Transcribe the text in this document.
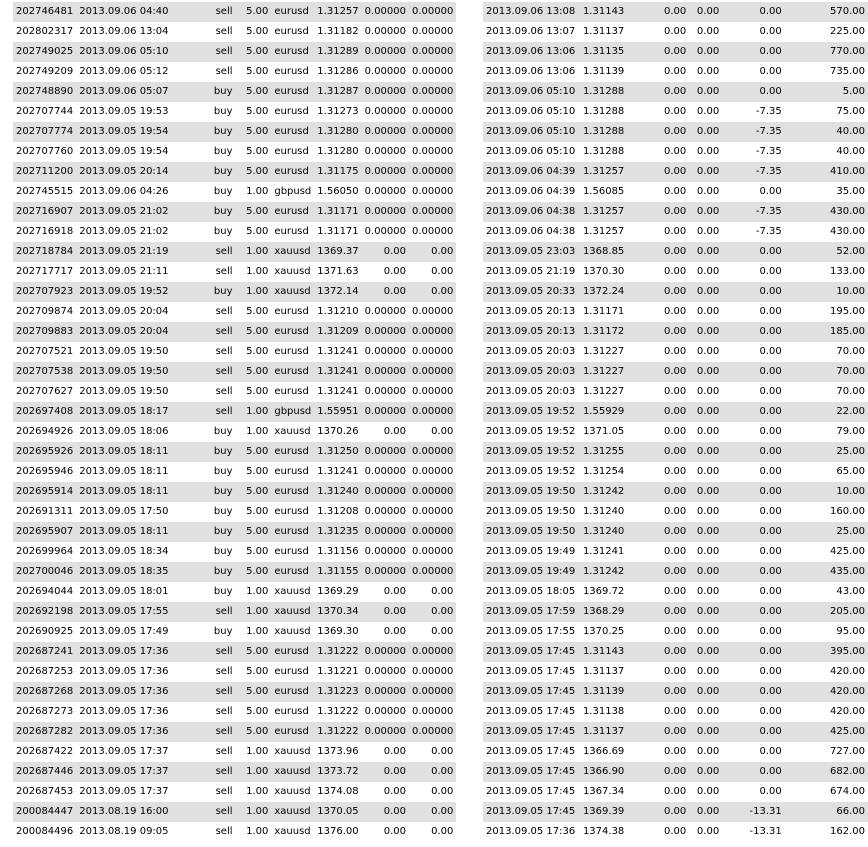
202746481	2013.09.06 04:40	sell	5.00	eurusd	1.31257	0.00000	0.00000		2013.09.06 13:08	1.31143	0.00	0.00	0.00	570.00
202802317	2013.09.06 13:04	sell	5.00	eurusd	1.31182	0.00000	0.00000		2013.09.06 13:07	1.31137	0.00	0.00	0.00	225.00
202749025	2013.09.06 05:10	sell	5.00	eurusd	1.31289	0.00000	0.00000		2013.09.06 13:06	1.31135	0.00	0.00	0.00	770.00
202749209	2013.09.06 05:12	sell	5.00	eurusd	1.31286	0.00000	0.00000		2013.09.06 13:06	1.31139	0.00	0.00	0.00	735.00
202748890	2013.09.06 05:07	buy	5.00	eurusd	1.31287	0.00000	0.00000		2013.09.06 05:10	1.31288	0.00	0.00	0.00	5.00
202707744	2013.09.05 19:53	buy	5.00	eurusd	1.31273	0.00000	0.00000		2013.09.06 05:10	1.31288	0.00	0.00	-7.35	75.00
202707774	2013.09.05 19:54	buy	5.00	eurusd	1.31280	0.00000	0.00000		2013.09.06 05:10	1.31288	0.00	0.00	-7.35	40.00
202707760	2013.09.05 19:54	buy	5.00	eurusd	1.31280	0.00000	0.00000		2013.09.06 05:10	1.31288	0.00	0.00	-7.35	40.00
202711200	2013.09.05 20:14	buy	5.00	eurusd	1.31175	0.00000	0.00000		2013.09.06 04:39	1.31257	0.00	0.00	-7.35	410.00
202745515	2013.09.06 04:26	buy	1.00	gbpusd	1.56050	0.00000	0.00000		2013.09.06 04:39	1.56085	0.00	0.00	0.00	35.00
202716907	2013.09.05 21:02	buy	5.00	eurusd	1.31171	0.00000	0.00000		2013.09.06 04:38	1.31257	0.00	0.00	-7.35	430.00
202716918	2013.09.05 21:02	buy	5.00	eurusd	1.31171	0.00000	0.00000		2013.09.06 04:38	1.31257	0.00	0.00	-7.35	430.00
202718784	2013.09.05 21:19	sell	1.00	xauusd	1369.37	0.00	0.00		2013.09.05 23:03	1368.85	0.00	0.00	0.00	52.00
202717717	2013.09.05 21:11	sell	1.00	xauusd	1371.63	0.00	0.00		2013.09.05 21:19	1370.30	0.00	0.00	0.00	133.00
202707923	2013.09.05 19:52	buy	1.00	xauusd	1372.14	0.00	0.00		2013.09.05 20:33	1372.24	0.00	0.00	0.00	10.00
202709874	2013.09.05 20:04	sell	5.00	eurusd	1.31210	0.00000	0.00000		2013.09.05 20:13	1.31171	0.00	0.00	0.00	195.00
202709883	2013.09.05 20:04	sell	5.00	eurusd	1.31209	0.00000	0.00000		2013.09.05 20:13	1.31172	0.00	0.00	0.00	185.00
202707521	2013.09.05 19:50	sell	5.00	eurusd	1.31241	0.00000	0.00000		2013.09.05 20:03	1.31227	0.00	0.00	0.00	70.00
202707538	2013.09.05 19:50	sell	5.00	eurusd	1.31241	0.00000	0.00000		2013.09.05 20:03	1.31227	0.00	0.00	0.00	70.00
202707627	2013.09.05 19:50	sell	5.00	eurusd	1.31241	0.00000	0.00000		2013.09.05 20:03	1.31227	0.00	0.00	0.00	70.00
202697408	2013.09.05 18:17	sell	1.00	gbpusd	1.55951	0.00000	0.00000		2013.09.05 19:52	1.55929	0.00	0.00	0.00	22.00
202694926	2013.09.05 18:06	buy	1.00	xauusd	1370.26	0.00	0.00		2013.09.05 19:52	1371.05	0.00	0.00	0.00	79.00
202695926	2013.09.05 18:11	buy	5.00	eurusd	1.31250	0.00000	0.00000		2013.09.05 19:52	1.31255	0.00	0.00	0.00	25.00
202695946	2013.09.05 18:11	buy	5.00	eurusd	1.31241	0.00000	0.00000		2013.09.05 19:52	1.31254	0.00	0.00	0.00	65.00
202695914	2013.09.05 18:11	buy	5.00	eurusd	1.31240	0.00000	0.00000		2013.09.05 19:50	1.31242	0.00	0.00	0.00	10.00
202691311	2013.09.05 17:50	buy	5.00	eurusd	1.31208	0.00000	0.00000		2013.09.05 19:50	1.31240	0.00	0.00	0.00	160.00
202695907	2013.09.05 18:11	buy	5.00	eurusd	1.31235	0.00000	0.00000		2013.09.05 19:50	1.31240	0.00	0.00	0.00	25.00
202699964	2013.09.05 18:34	buy	5.00	eurusd	1.31156	0.00000	0.00000		2013.09.05 19:49	1.31241	0.00	0.00	0.00	425.00
202700046	2013.09.05 18:35	buy	5.00	eurusd	1.31155	0.00000	0.00000		2013.09.05 19:49	1.31242	0.00	0.00	0.00	435.00
202694044	2013.09.05 18:01	buy	1.00	xauusd	1369.29	0.00	0.00		2013.09.05 18:05	1369.72	0.00	0.00	0.00	43.00
202692198	2013.09.05 17:55	sell	1.00	xauusd	1370.34	0.00	0.00		2013.09.05 17:59	1368.29	0.00	0.00	0.00	205.00
202690925	2013.09.05 17:49	buy	1.00	xauusd	1369.30	0.00	0.00		2013.09.05 17:55	1370.25	0.00	0.00	0.00	95.00
202687241	2013.09.05 17:36	sell	5.00	eurusd	1.31222	0.00000	0.00000		2013.09.05 17:45	1.31143	0.00	0.00	0.00	395.00
202687253	2013.09.05 17:36	sell	5.00	eurusd	1.31221	0.00000	0.00000		2013.09.05 17:45	1.31137	0.00	0.00	0.00	420.00
202687268	2013.09.05 17:36	sell	5.00	eurusd	1.31223	0.00000	0.00000		2013.09.05 17:45	1.31139	0.00	0.00	0.00	420.00
202687273	2013.09.05 17:36	sell	5.00	eurusd	1.31222	0.00000	0.00000		2013.09.05 17:45	1.31138	0.00	0.00	0.00	420.00
202687282	2013.09.05 17:36	sell	5.00	eurusd	1.31222	0.00000	0.00000		2013.09.05 17:45	1.31137	0.00	0.00	0.00	425.00
202687422	2013.09.05 17:37	sell	1.00	xauusd	1373.96	0.00	0.00		2013.09.05 17:45	1366.69	0.00	0.00	0.00	727.00
202687446	2013.09.05 17:37	sell	1.00	xauusd	1373.72	0.00	0.00		2013.09.05 17:45	1366.90	0.00	0.00	0.00	682.00
202687453	2013.09.05 17:37	sell	1.00	xauusd	1374.08	0.00	0.00		2013.09.05 17:45	1367.34	0.00	0.00	0.00	674.00
200084447	2013.08.19 16:00	sell	1.00	xauusd	1370.05	0.00	0.00		2013.09.05 17:45	1369.39	0.00	0.00	-13.31	66.00
200084496	2013.08.19 09:05	sell	1.00	xauusd	1376.00	0.00	0.00		2013.09.05 17:36	1374.38	0.00	0.00	-13.31	162.00
